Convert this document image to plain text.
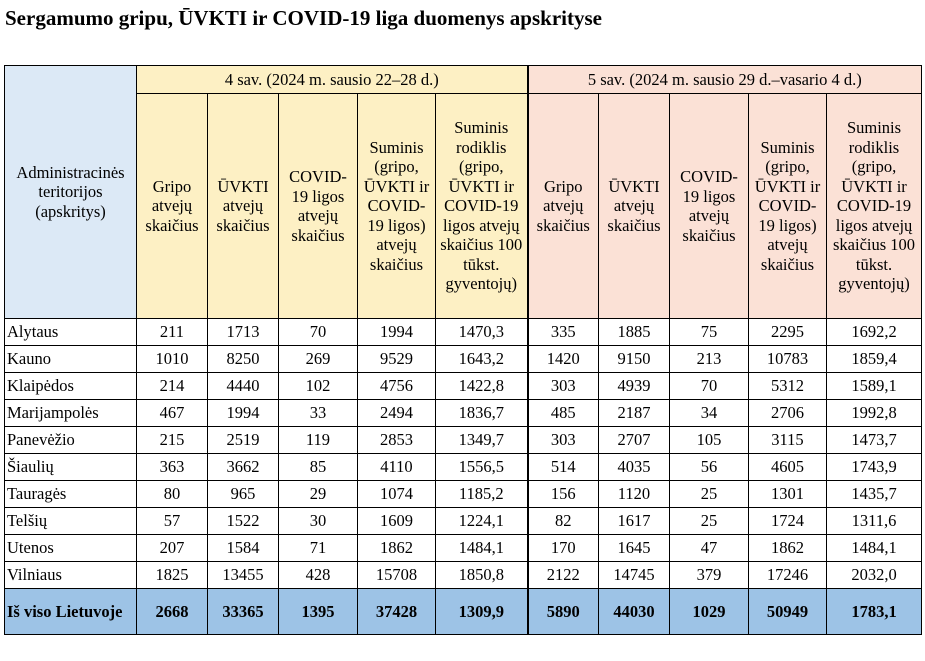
Sergamumo gripu, ŪVKTI ir COVID-19 liga duomenys apskrityse
Administracinės teritorijos (apskritys)	4 sav. (2024 m. sausio 22–28 d.)					5 sav. (2024 m. sausio 29 d.–vasario 4 d.)				
	Gripo atvejų skaičius	ŪVKTI atvejų skaičius	COVID-19 ligos atvejų skaičius	Suminis (gripo, ŪVKTI ir COVID-19 ligos) atvejų skaičius	Suminis rodiklis (gripo, ŪVKTI ir COVID-19 ligos atvejų skaičius 100 tūkst. gyventojų)	Gripo atvejų skaičius	ŪVKTI atvejų skaičius	COVID-19 ligos atvejų skaičius	Suminis (gripo, ŪVKTI ir COVID-19 ligos) atvejų skaičius	Suminis rodiklis (gripo, ŪVKTI ir COVID-19 ligos atvejų skaičius 100 tūkst. gyventojų)
Alytaus	211	1713	70	1994	1470,3	335	1885	75	2295	1692,2
Kauno	1010	8250	269	9529	1643,2	1420	9150	213	10783	1859,4
Klaipėdos	214	4440	102	4756	1422,8	303	4939	70	5312	1589,1
Marijampolės	467	1994	33	2494	1836,7	485	2187	34	2706	1992,8
Panevėžio	215	2519	119	2853	1349,7	303	2707	105	3115	1473,7
Šiaulių	363	3662	85	4110	1556,5	514	4035	56	4605	1743,9
Tauragės	80	965	29	1074	1185,2	156	1120	25	1301	1435,7
Telšių	57	1522	30	1609	1224,1	82	1617	25	1724	1311,6
Utenos	207	1584	71	1862	1484,1	170	1645	47	1862	1484,1
Vilniaus	1825	13455	428	15708	1850,8	2122	14745	379	17246	2032,0
Iš viso Lietuvoje	2668	33365	1395	37428	1309,9	5890	44030	1029	50949	1783,1
